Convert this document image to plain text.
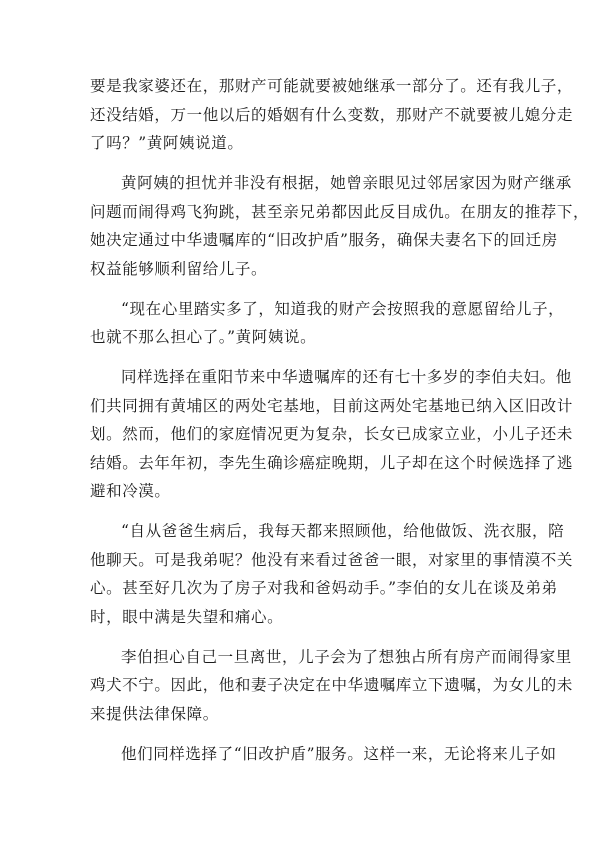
要是我家婆还在，那财产可能就要被她继承一部分了。还有我儿子，
还没结婚，万一他以后的婚姻有什么变数，那财产不就要被儿媳分走
了吗？”黄阿姨说道。

黄阿姨的担忧并非没有根据，她曾亲眼见过邻居家因为财产继承
问题而闹得鸡飞狗跳，甚至亲兄弟都因此反目成仇。在朋友的推荐下，
她决定通过中华遗嘱库的“旧改护盾”服务，确保夫妻名下的回迁房
权益能够顺利留给儿子。

“现在心里踏实多了，知道我的财产会按照我的意愿留给儿子，
也就不那么担心了。”黄阿姨说。

同样选择在重阳节来中华遗嘱库的还有七十多岁的李伯夫妇。他
们共同拥有黄埔区的两处宅基地，目前这两处宅基地已纳入区旧改计
划。然而，他们的家庭情况更为复杂，长女已成家立业，小儿子还未
结婚。去年年初，李先生确诊癌症晚期，儿子却在这个时候选择了逃
避和冷漠。

“自从爸爸生病后，我每天都来照顾他，给他做饭、洗衣服，陪
他聊天。可是我弟呢？他没有来看过爸爸一眼，对家里的事情漠不关
心。甚至好几次为了房子对我和爸妈动手。”李伯的女儿在谈及弟弟
时，眼中满是失望和痛心。

李伯担心自己一旦离世，儿子会为了想独占所有房产而闹得家里
鸡犬不宁。因此，他和妻子决定在中华遗嘱库立下遗嘱，为女儿的未
来提供法律保障。

他们同样选择了“旧改护盾”服务。这样一来，无论将来儿子如
